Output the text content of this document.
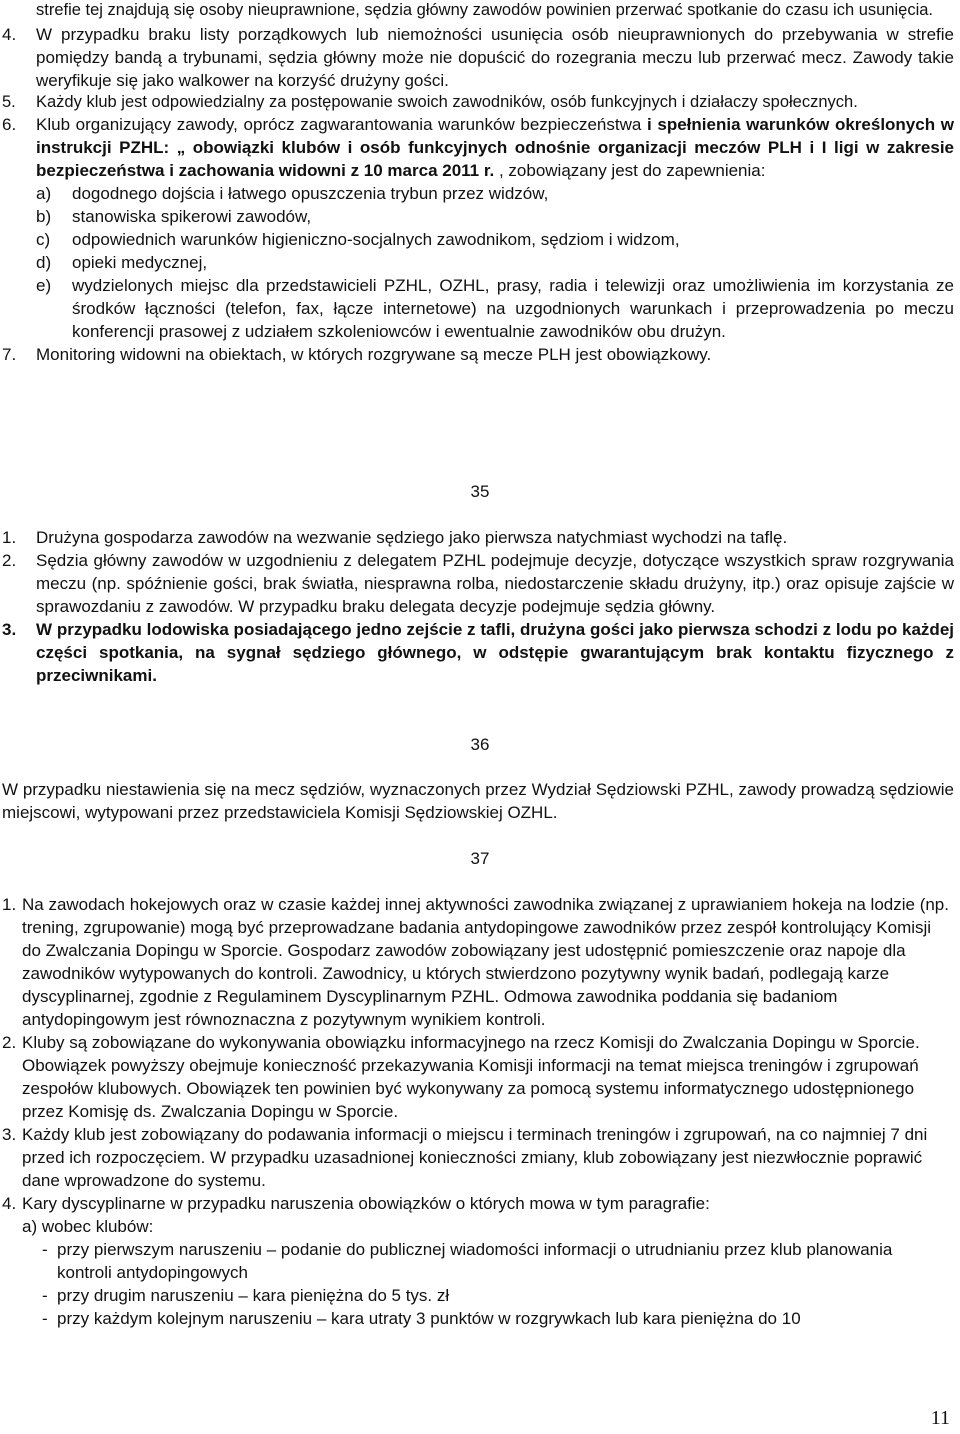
strefie tej znajdują się osoby nieuprawnione, sędzia główny zawodów powinien przerwać spotkanie do czasu ich usunięcia.
4. W przypadku braku listy porządkowych lub niemożności usunięcia osób nieuprawnionych do przebywania w strefie pomiędzy bandą a trybunami, sędzia główny może nie dopuścić do rozegrania meczu lub przerwać mecz. Zawody takie weryfikuje się jako walkower na korzyść drużyny gości.
5. Każdy klub jest odpowiedzialny za postępowanie swoich zawodników, osób funkcyjnych i działaczy społecznych.
6. Klub organizujący zawody, oprócz zagwarantowania warunków bezpieczeństwa i spełnienia warunków określonych w instrukcji PZHL: „ obowiązki klubów i osób funkcyjnych odnośnie organizacji meczów PLH i I ligi w zakresie bezpieczeństwa i zachowania widowni z 10 marca 2011 r. , zobowiązany jest do zapewnienia:
a) dogodnego dojścia i łatwego opuszczenia trybun przez widzów,
b) stanowiska spikerowi zawodów,
c) odpowiednich warunków higieniczno-socjalnych zawodnikom, sędziom i widzom,
d) opieki medycznej,
e) wydzielonych miejsc dla przedstawicieli PZHL, OZHL, prasy, radia i telewizji oraz umożliwienia im korzystania ze środków łączności (telefon, fax, łącze internetowe) na uzgodnionych warunkach i przeprowadzenia po meczu konferencji prasowej z udziałem szkoleniowców i ewentualnie zawodników obu drużyn.
7. Monitoring widowni na obiektach, w których rozgrywane są mecze PLH jest obowiązkowy.
35
1. Drużyna gospodarza zawodów na wezwanie sędziego jako pierwsza natychmiast wychodzi na taflę.
2. Sędzia główny zawodów w uzgodnieniu z delegatem PZHL podejmuje decyzje, dotyczące wszystkich spraw rozgrywania meczu (np. spóźnienie gości, brak światła, niesprawna rolba, niedostarczenie składu drużyny, itp.) oraz opisuje zajście w sprawozdaniu z zawodów. W przypadku braku delegata decyzje podejmuje sędzia główny.
3. W przypadku lodowiska posiadającego jedno zejście z tafli, drużyna gości jako pierwsza schodzi z lodu po każdej części spotkania, na sygnał sędziego głównego, w odstępie gwarantującym brak kontaktu fizycznego z przeciwnikami.
36
W przypadku niestawienia się na mecz sędziów, wyznaczonych przez Wydział Sędziowski PZHL, zawody prowadzą sędziowie miejscowi, wytypowani przez przedstawiciela Komisji Sędziowskiej OZHL.
37
1. Na zawodach hokejowych oraz w czasie każdej innej aktywności zawodnika związanej z uprawianiem hokeja na lodzie (np. trening, zgrupowanie) mogą być przeprowadzane badania antydopingowe zawodników przez zespół kontrolujący Komisji do Zwalczania Dopingu w Sporcie. Gospodarz zawodów zobowiązany jest udostępnić pomieszczenie oraz napoje dla zawodników wytypowanych do kontroli. Zawodnicy, u których stwierdzono pozytywny wynik badań, podlegają karze dyscyplinarnej, zgodnie z Regulaminem Dyscyplinarnym PZHL. Odmowa zawodnika poddania się badaniom antydopingowym jest równoznaczna z pozytywnym wynikiem kontroli.
2. Kluby są zobowiązane do wykonywania obowiązku informacyjnego na rzecz Komisji do Zwalczania Dopingu w Sporcie.
Obowiązek powyższy obejmuje konieczność przekazywania Komisji informacji na temat miejsca treningów i zgrupowań zespołów klubowych. Obowiązek ten powinien być wykonywany za pomocą systemu informatycznego udostępnionego przez Komisję ds. Zwalczania Dopingu w Sporcie.
3. Każdy klub jest zobowiązany do podawania informacji o miejscu i terminach treningów i zgrupowań, na co najmniej 7 dni przed ich rozpoczęciem. W przypadku uzasadnionej konieczności zmiany, klub zobowiązany jest niezwłocznie poprawić dane wprowadzone do systemu.
4. Kary dyscyplinarne w przypadku naruszenia obowiązków o których mowa w tym paragrafie:
a) wobec klubów:
- przy pierwszym naruszeniu – podanie do publicznej wiadomości informacji o utrudnianiu przez klub planowania kontroli antydopingowych
- przy drugim naruszeniu – kara pieniężna do 5 tys. zł
- przy każdym kolejnym naruszeniu – kara utraty 3 punktów w rozgrywkach lub kara pieniężna do 10
11
